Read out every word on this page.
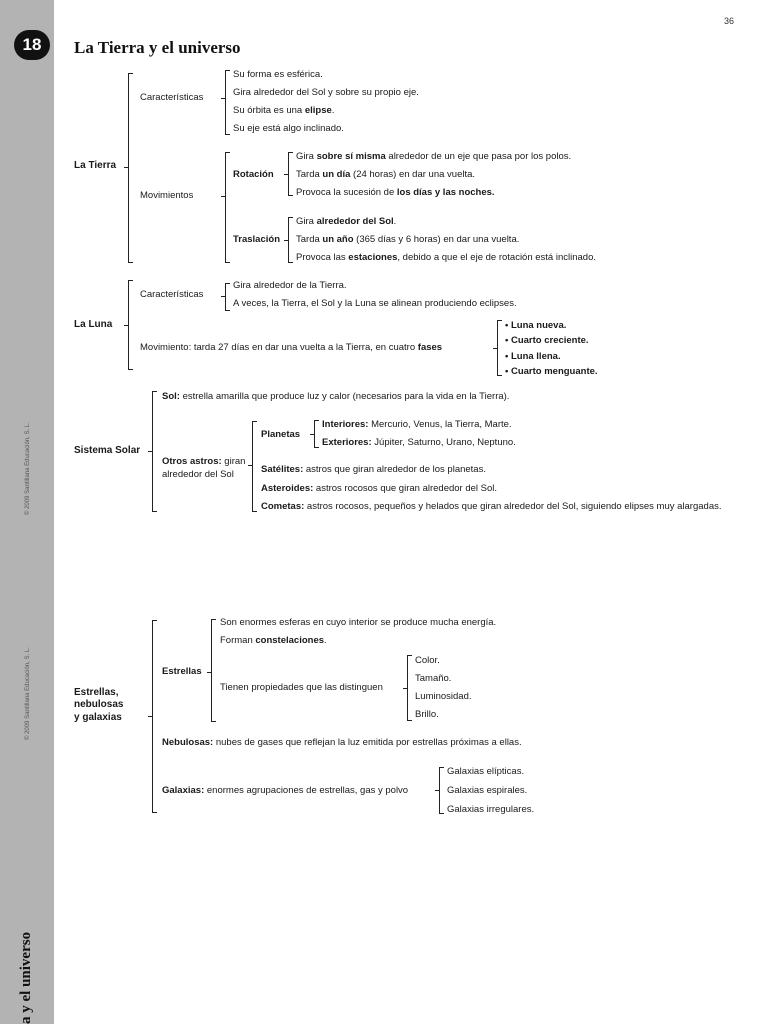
© 2009 Santillana Educación, S. L.
© 2009 Santillana Educación, S. L.
a y el universo
18
36
La Tierra y el universo
La Tierra
Características
Su forma es esférica.
Gira alrededor del Sol y sobre su propio eje.
Su órbita es una elipse.
Su eje está algo inclinado.
Movimientos
Rotación
Gira sobre sí misma alrededor de un eje que pasa por los polos.
Tarda un día (24 horas) en dar una vuelta.
Provoca la sucesión de los días y las noches.
Traslación
Gira alrededor del Sol.
Tarda un año (365 días y 6 horas) en dar una vuelta.
Provoca las estaciones, debido a que el eje de rotación está inclinado.
La Luna
Características
Gira alrededor de la Tierra.
A veces, la Tierra, el Sol y la Luna se alinean produciendo eclipses.
Movimiento: tarda 27 días en dar una vuelta a la Tierra, en cuatro fases
• Luna nueva.
• Cuarto creciente.
• Luna llena.
• Cuarto menguante.
Sistema Solar
Sol: estrella amarilla que produce luz y calor (necesarios para la vida en la Tierra).
Otros astros: giran
alrededor del Sol
Planetas
Interiores: Mercurio, Venus, la Tierra, Marte.
Exteriores: Júpiter, Saturno, Urano, Neptuno.
Satélites: astros que giran alrededor de los planetas.
Asteroides: astros rocosos que giran alrededor del Sol.
Cometas: astros rocosos, pequeños y helados que giran alrededor del Sol, siguiendo elipses muy alargadas.
Estrellas,
nebulosas
y galaxias
Estrellas
Son enormes esferas en cuyo interior se produce mucha energía.
Forman constelaciones.
Tienen propiedades que las distinguen
Color.
Tamaño.
Luminosidad.
Brillo.
Nebulosas: nubes de gases que reflejan la luz emitida por estrellas próximas a ellas.
Galaxias: enormes agrupaciones de estrellas, gas y polvo
Galaxias elípticas.
Galaxias espirales.
Galaxias irregulares.
